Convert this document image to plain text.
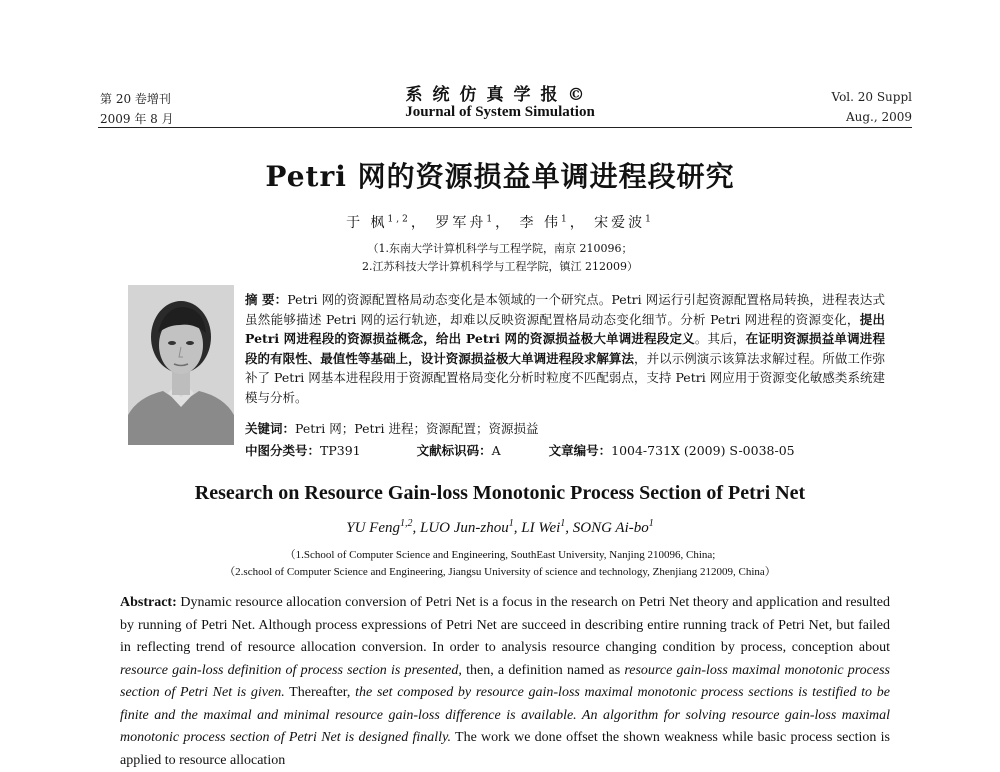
第 20 卷增刊
2009 年 8 月
系统仿真学报©
Journal of System Simulation
Vol. 20 Suppl
Aug., 2009
Petri 网的资源损益单调进程段研究
于 枫$^{1,2}$， 罗军舟$^1$， 李 伟$^1$， 宋爱波$^1$
（1.东南大学计算机科学与工程学院，南京 210096；
2.江苏科技大学计算机科学与工程学院，镇江 212009）
摘 要：Petri 网的资源配置格局动态变化是本领域的一个研究点。Petri 网运行引起资源配置格局转换，进程表达式虽然能够描述 Petri 网的运行轨迹，却难以反映资源配置格局动态变化细节。分析 Petri 网进程的资源变化，提出 Petri 网进程段的资源损益概念，给出 Petri 网的资源损益极大单调进程段定义。其后，在证明资源损益单调进程段的有限性、最值性等基础上，设计资源损益极大单调进程段求解算法，并以示例演示该算法求解过程。所做工作弥补了 Petri 网基本进程段用于资源配置格局变化分析时粒度不匹配弱点，支持 Petri 网应用于资源变化敏感类系统建模与分析。
关键词：Petri 网；Petri 进程；资源配置；资源损益
中图分类号：TP391	文献标识码：A	文章编号：1004-731X (2009) S-0038-05
Research on Resource Gain-loss Monotonic Process Section of Petri Net
YU Feng$^{1,2}$, LUO Jun-zhou$^1$, LI Wei$^1$, SONG $Ai-bo^1$
（1.School of Computer Science and Engineering, SouthEast University, Nanjing 210096, China;
（2.school of Computer Science and Engineering, Jiangsu University of science and technology, Zhenjiang 212009, China）
Abstract: Dynamic resource allocation conversion of Petri Net is a focus in the research on Petri Net theory and application and resulted by running of Petri Net. Although process expressions of Petri Net are succeed in describing entire running track of Petri Net, but failed in reflecting trend of resource allocation conversion. In order to analysis resource changing condition by process, conception about resource gain-loss definition of process section is presented, then, a definition named as resource gain-loss maximal monotonic process section of Petri Net is given. Thereafter, the set composed by resource gain-loss maximal monotonic process sections is testified to be finite and the maximal and minimal resource gain-loss difference is available. An algorithm for solving resource gain-loss maximal monotonic process section of Petri Net is designed finally. The work we done offset the shown weakness while basic process section is applied to resource allocation
